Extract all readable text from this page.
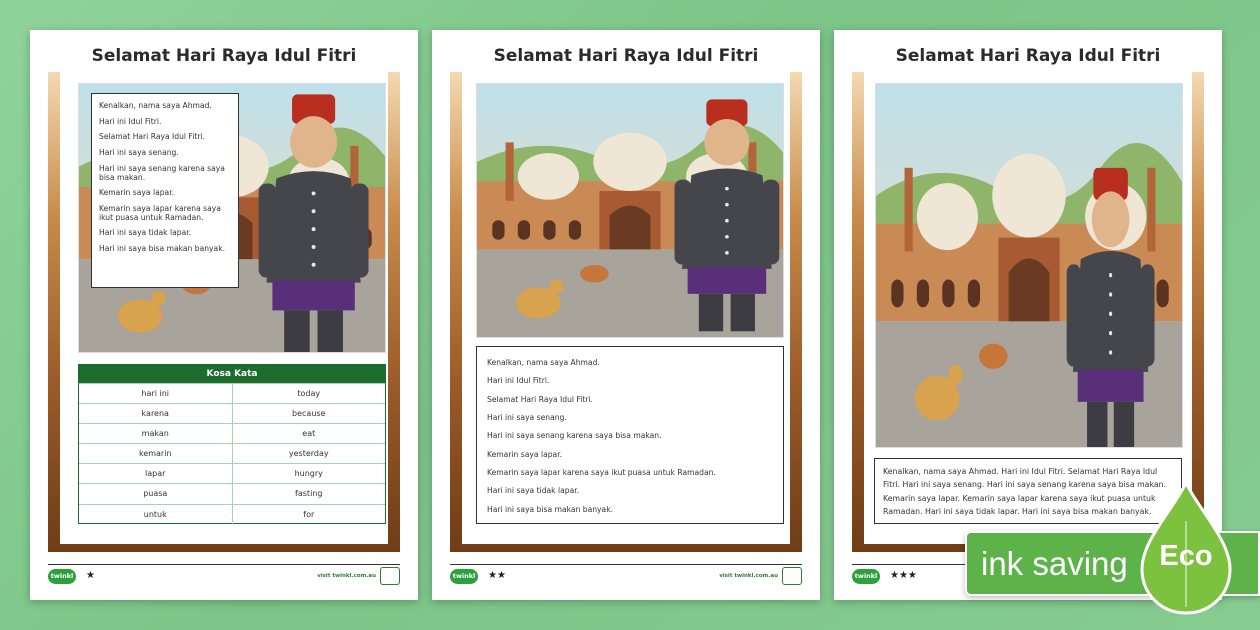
Selamat Hari Raya Idul Fitri
Kenalkan, nama saya Ahmad.
Hari ini Idul Fitri.
Selamat Hari Raya Idul Fitri.
Hari ini saya senang.
Hari ini saya senang karena saya bisa makan.
Kemarin saya lapar.
Kemarin saya lapar karena saya ikut puasa untuk Ramadan.
Hari ini saya tidak lapar.
Hari ini saya bisa makan banyak.
Kosa Kata
hari ini	today
karena	because
makan	eat
kemarin	yesterday
lapar	hungry
puasa	fasting
untuk	for
twinkl ★	visit twinkl.com.au
Selamat Hari Raya Idul Fitri
Kenalkan, nama saya Ahmad.
Hari ini Idul Fitri.
Selamat Hari Raya Idul Fitri.
Hari ini saya senang.
Hari ini saya senang karena saya bisa makan.
Kemarin saya lapar.
Kemarin saya lapar karena saya ikut puasa untuk Ramadan.
Hari ini saya tidak lapar.
Hari ini saya bisa makan banyak.
twinkl ★★	visit twinkl.com.au
Selamat Hari Raya Idul Fitri
Kenalkan, nama saya Ahmad. Hari ini Idul Fitri. Selamat Hari Raya Idul Fitri. Hari ini saya senang. Hari ini saya senang karena saya bisa makan. Kemarin saya lapar. Kemarin saya lapar karena saya ikut puasa untuk Ramadan. Hari ini saya tidak lapar. Hari ini saya bisa makan banyak.
twinkl ★★★ ink saving Eco
